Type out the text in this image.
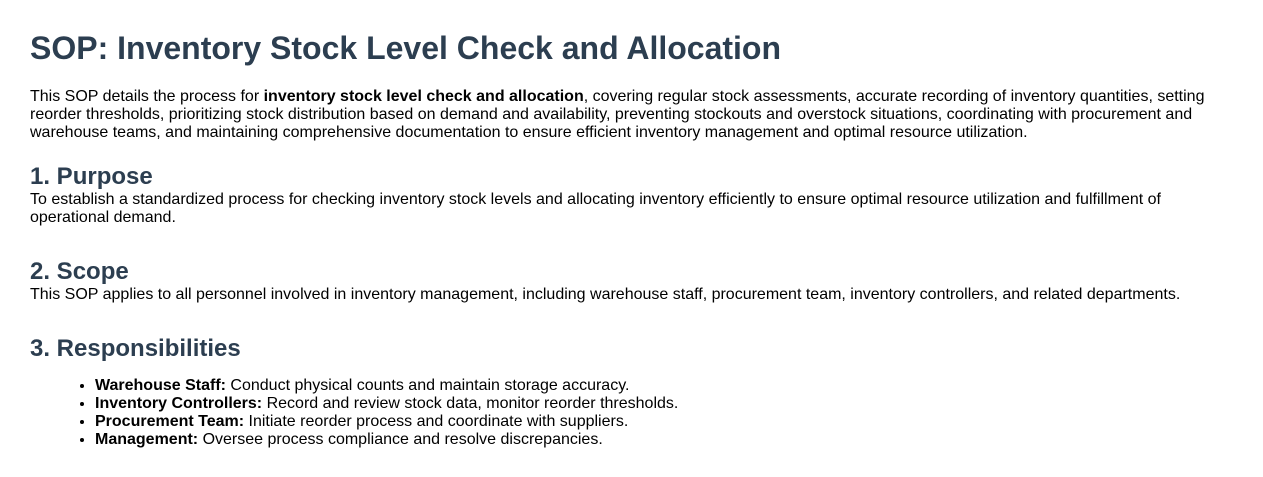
SOP: Inventory Stock Level Check and Allocation

This SOP details the process for inventory stock level check and allocation, covering regular stock assessments, accurate recording of inventory quantities, setting reorder thresholds, prioritizing stock distribution based on demand and availability, preventing stockouts and overstock situations, coordinating with procurement and warehouse teams, and maintaining comprehensive documentation to ensure efficient inventory management and optimal resource utilization.

1. Purpose

To establish a standardized process for checking inventory stock levels and allocating inventory efficiently to ensure optimal resource utilization and fulfillment of operational demand.

2. Scope

This SOP applies to all personnel involved in inventory management, including warehouse staff, procurement team, inventory controllers, and related departments.

3. Responsibilities
• Warehouse Staff: Conduct physical counts and maintain storage accuracy.
• Inventory Controllers: Record and review stock data, monitor reorder thresholds.
• Procurement Team: Initiate reorder process and coordinate with suppliers.
• Management: Oversee process compliance and resolve discrepancies.
